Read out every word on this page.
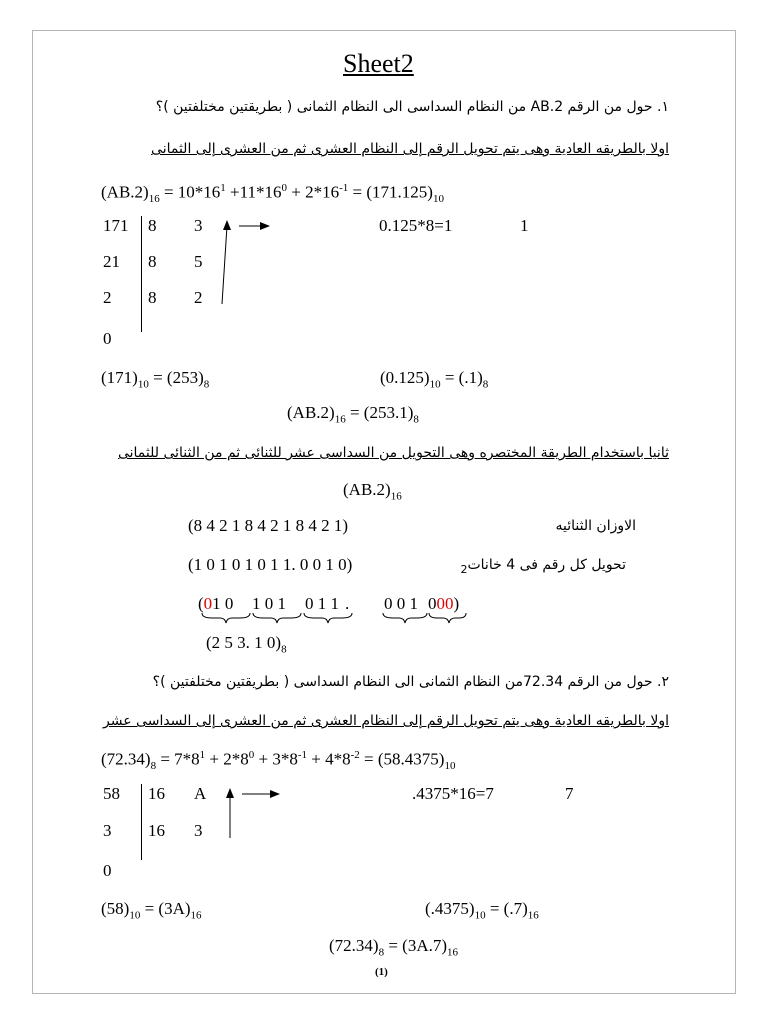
Sheet2
١. حول من الرقم AB.2 من النظام السداسى الى النظام الثمانى ( بطريقتين مختلفتين )؟
اولا بالطريقه العادية وهى يتم تحويل الرقم إلى النظام العشرى ثم من العشرى إلى الثمانى
$(AB.2)_{16} = 10*16^1 +11*16^0 + 2*16^{-1} = (171.125)_{10}$
171 8 3
21 8 5
2 8 2
0
0.125*8=1	1
$(171)_{10} = (253)_8$	$(0.125)_{10} = (.1)_8$
$(AB.2)_{16} = (253.1)_8$
ثانيا باستخدام الطريقة المختصره وهى التحويل من السداسى عشر للثنائى ثم من الثنائى للثمانى
$(AB.2)_{16}$
(8 4 2 1 8 4 2 1 8 4 2 1)	الاوزان الثنائيه
(1 0 1 0 1 0 1 1. 0 0 1 0)	تحويل كل رقم فى 4 خانات$_2$
(01 0 1 0 1 0 1 1 . 0 0 1 000)
(2 5 3. 1 $0)_8$
٢. حول من الرقم 72.34من النظام الثمانى الى النظام السداسى ( بطريقتين مختلفتين )؟
اولا بالطريقه العادية وهى يتم تحويل الرقم إلى النظام العشرى ثم من العشرى إلى السداسى عشر
$(72.34)_8 = 7*8^1 + 2*8^0 + 3*8^{-1} + 4*8^{-2} = (58.4375)_{10}$
58 16 A
3 16 3
0
.4375*16=7	7
$(58)_{10} = (3A)_{16}$	$(.4375)_{10} = (.7)_{16}$
$(72.34)_8 = (3A.7)_{16}$
(1)
